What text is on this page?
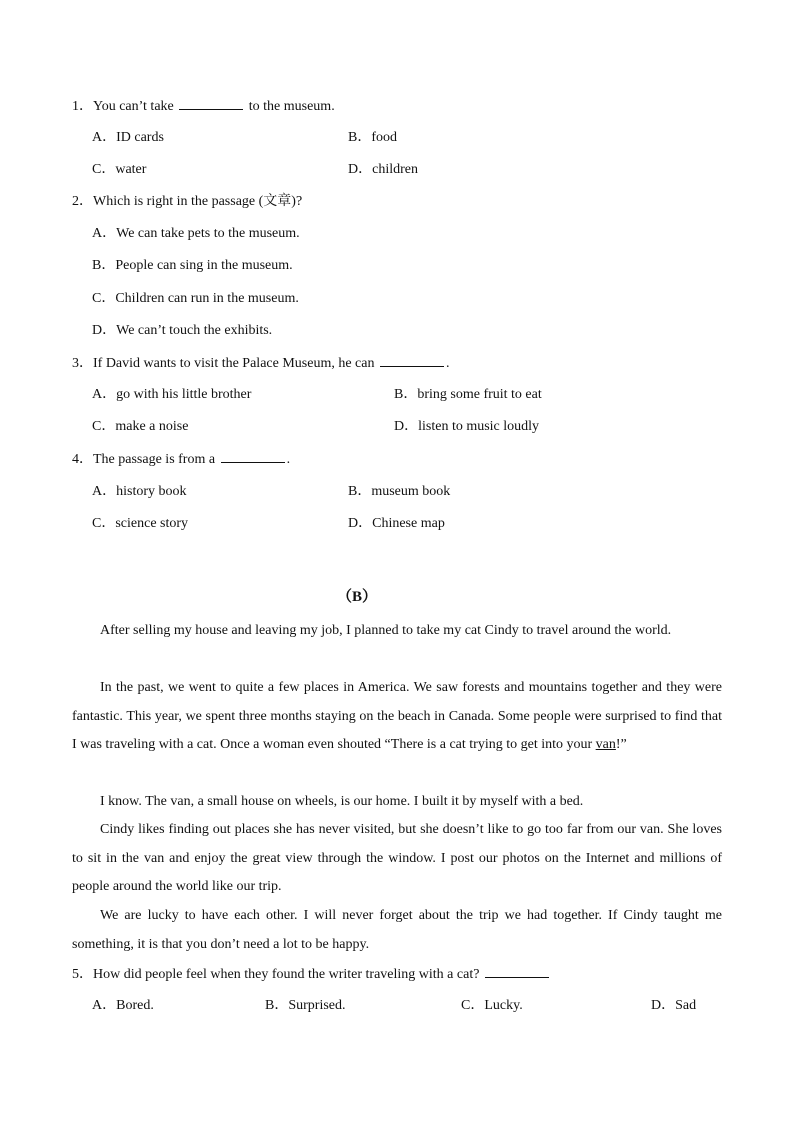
1．You can’t take	to the museum.
A．ID cards	B．food
C．water	D．children
2．Which is right in the passage (文章)?
A．We can take pets to the museum.
B．People can sing in the museum.
C．Children can run in the museum.
D．We can’t touch the exhibits.
3．If David wants to visit the Palace Museum, he can	.
A．go with his little brother	B．bring some fruit to eat
C．make a noise	D．listen to music loudly
4．The passage is from a	.
A．history book	B．museum book
C．science story	D．Chinese map
（B）
After selling my house and leaving my job, I planned to take my cat Cindy to travel around the world.
In the past, we went to quite a few places in America. We saw forests and mountains together and they were fantastic. This year, we spent three months staying on the beach in Canada. Some people were surprised to find that I was traveling with a cat. Once a woman even shouted “There is a cat trying to get into your van!”
I know. The van, a small house on wheels, is our home. I built it by myself with a bed.
Cindy likes finding out places she has never visited, but she doesn’t like to go too far from our van. She loves to sit in the van and enjoy the great view through the window. I post our photos on the Internet and millions of people around the world like our trip.
We are lucky to have each other. I will never forget about the trip we had together. If Cindy taught me something, it is that you don’t need a lot to be happy.
5．How did people feel when they found the writer traveling with a cat?
A．Bored.	B．Surprised.	C．Lucky.	D．Sad
